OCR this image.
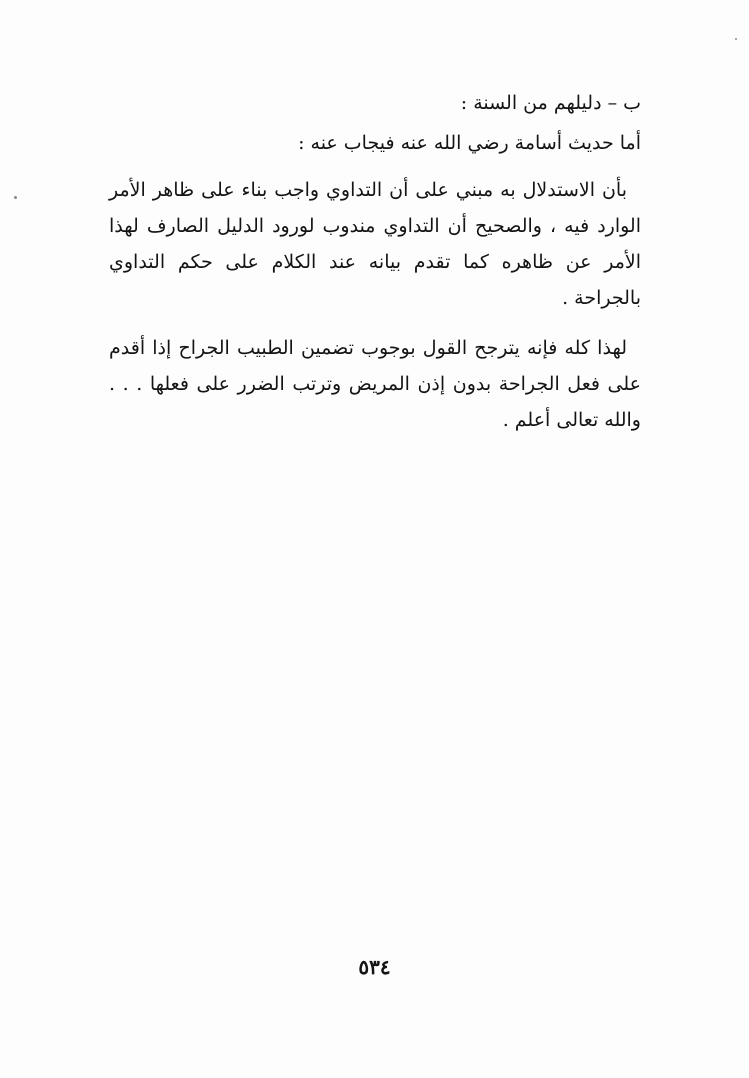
ب – دليلهم من السنة :
أما حديث أسامة رضي الله عنه فيجاب عنه :

بأن الاستدلال به مبني على أن التداوي واجب بناء على ظاهر الأمر الوارد فيه ، والصحيح أن التداوي مندوب لورود الدليل الصارف لهذا الأمر عن ظاهره كما تقدم بيانه عند الكلام على حكم التداوي بالجراحة .

لهذا كله فإنه يترجح القول بوجوب تضمين الطبيب الجراح إذا أقدم على فعل الجراحة بدون إذن المريض وترتب الضرر على فعلها . . . والله تعالى أعلم .

٥٣٤
